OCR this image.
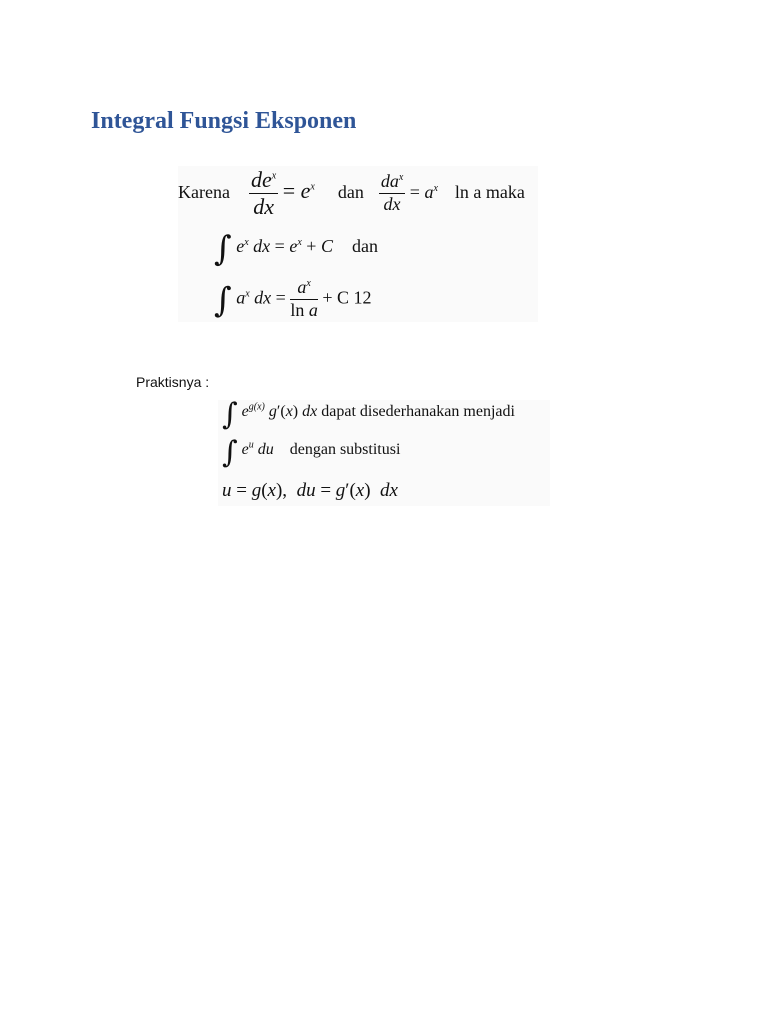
Integral Fungsi Eksponen
Karena $\frac{de^x}{dx} = e^x$ dan $\frac{da^x}{dx} = a^x$ ln a maka
∫ $e^x$ dx = $e^x + C$ dan
∫ $a^x$ dx = $\frac{a^x}{\text{ln a}} + C$ 12
Praktisnya :
∫ $e^{g(x)}$ g′(x) dx dapat disederhanakan menjadi
∫ $e^u$ du dengan substitusi
u = g(x),  du = g′(x)  dx
